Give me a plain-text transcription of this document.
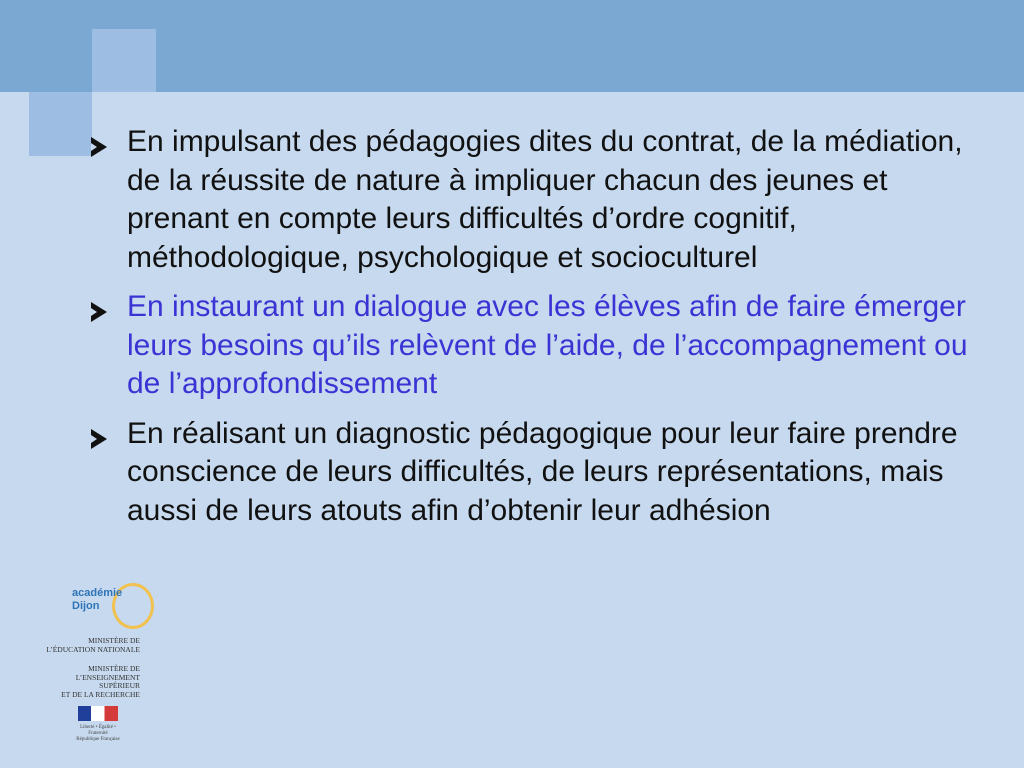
En impulsant des pédagogies dites du contrat, de la médiation, de la réussite de nature à impliquer chacun des jeunes et prenant en compte leurs difficultés d’ordre cognitif, méthodologique, psychologique et socioculturel
En instaurant un dialogue avec les élèves afin de faire émerger leurs besoins qu’ils relèvent de l’aide, de l’accompagnement ou de l’approfondissement
En réalisant un diagnostic pédagogique pour leur faire prendre conscience de leurs difficultés, de leurs représentations, mais aussi de leurs atouts afin d’obtenir leur adhésion
académie
Dijon
MINISTÈRE DE
L’ÉDUCATION NATIONALE
MINISTÈRE DE
L’ENSEIGNEMENT SUPÉRIEUR
ET DE LA RECHERCHE
Liberté • Égalité • Fraternité
République Française
